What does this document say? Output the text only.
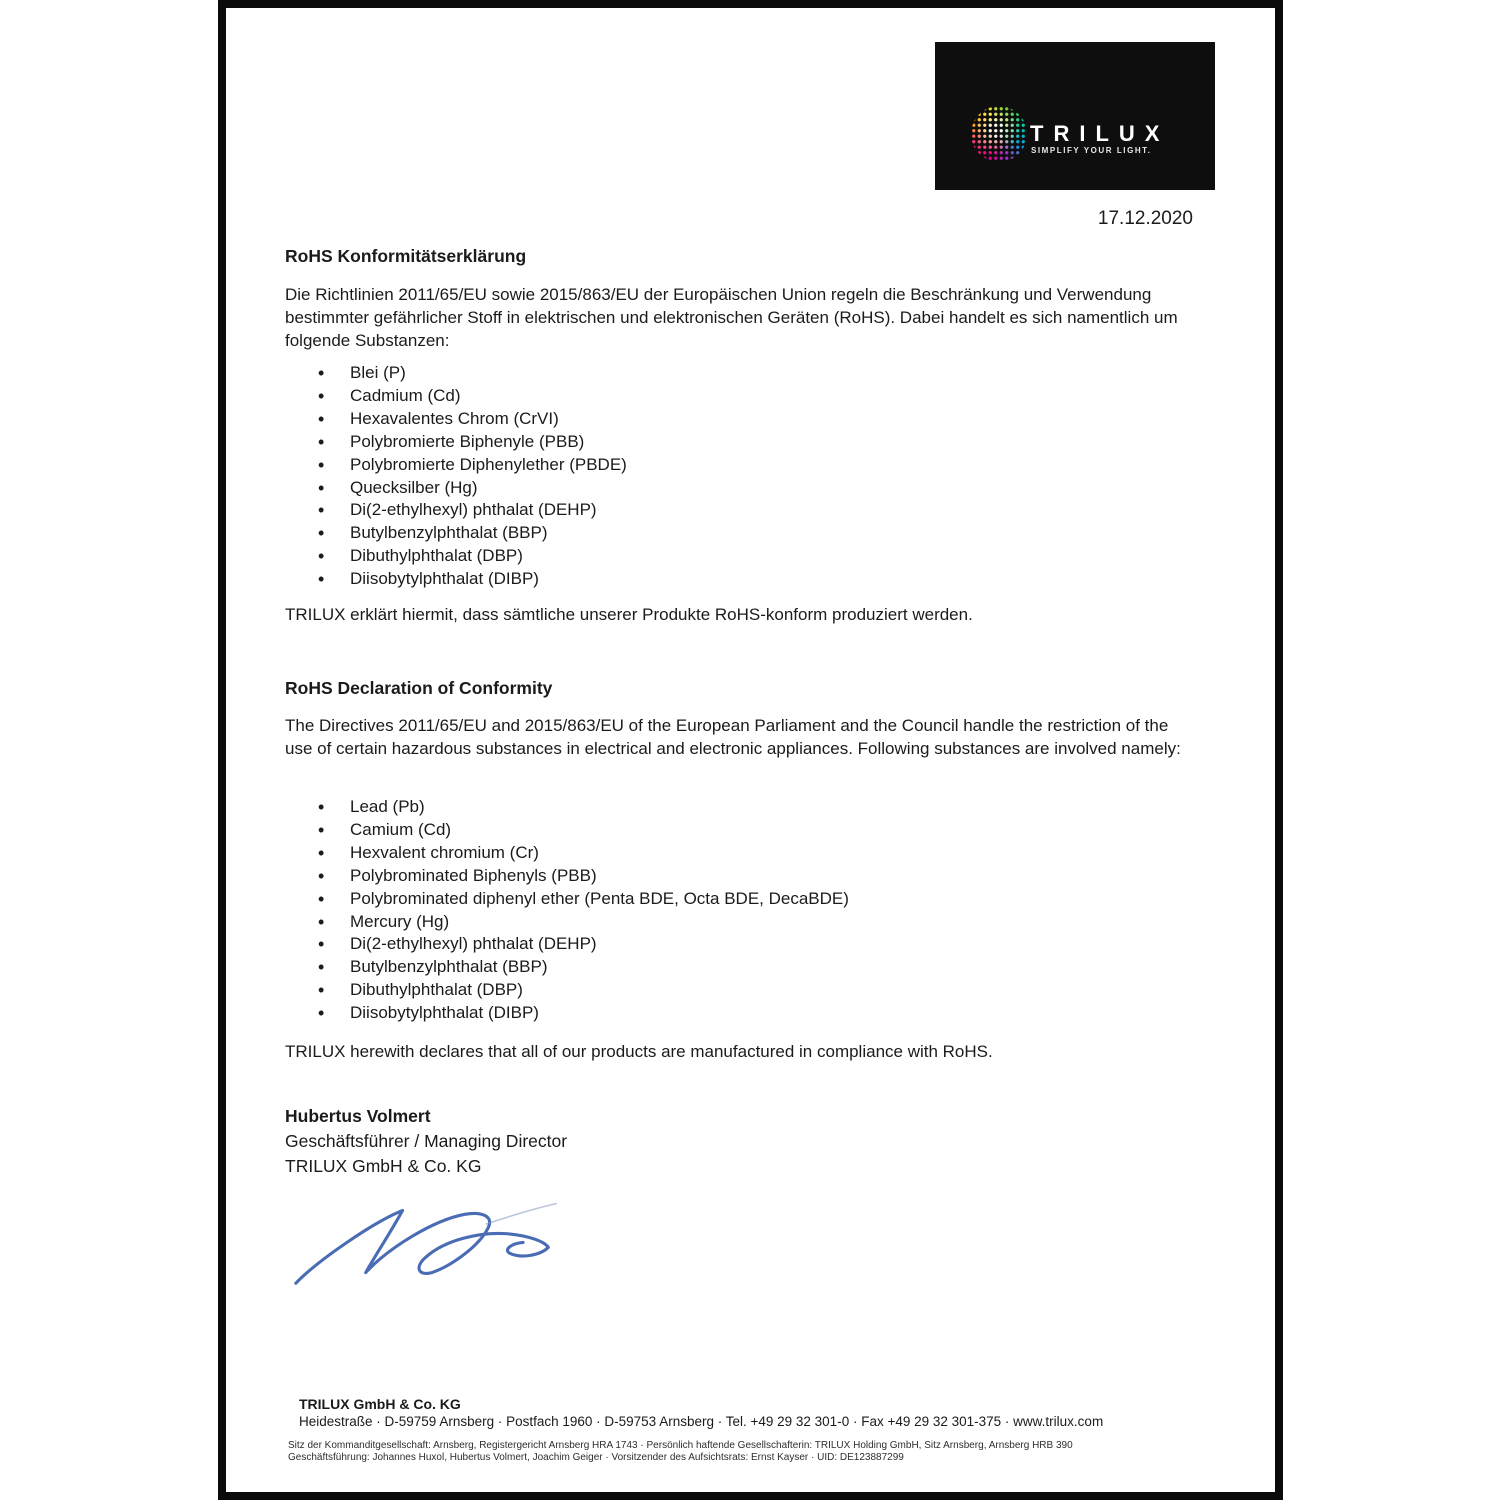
TRILUX
SIMPLIFY YOUR LIGHT.
17.12.2020
RoHS Konformitätserklärung

Die Richtlinien 2011/65/EU sowie 2015/863/EU der Europäischen Union regeln die Beschränkung und Verwendung bestimmter gefährlicher Stoff in elektrischen und elektronischen Geräten (RoHS). Dabei handelt es sich namentlich um folgende Substanzen:

• Blei (P)
• Cadmium (Cd)
• Hexavalentes Chrom (CrVI)
• Polybromierte Biphenyle (PBB)
• Polybromierte Diphenylether (PBDE)
• Quecksilber (Hg)
• Di(2-ethylhexyl) phthalat (DEHP)
• Butylbenzylphthalat (BBP)
• Dibuthylphthalat (DBP)
• Diisobytylphthalat (DIBP)

TRILUX erklärt hiermit, dass sämtliche unserer Produkte RoHS-konform produziert werden.

RoHS Declaration of Conformity

The Directives 2011/65/EU and 2015/863/EU of the European Parliament and the Council handle the restriction of the use of certain hazardous substances in electrical and electronic appliances. Following substances are involved namely:

• Lead (Pb)
• Camium (Cd)
• Hexvalent chromium (Cr)
• Polybrominated Biphenyls (PBB)
• Polybrominated diphenyl ether (Penta BDE, Octa BDE, DecaBDE)
• Mercury (Hg)
• Di(2-ethylhexyl) phthalat (DEHP)
• Butylbenzylphthalat (BBP)
• Dibuthylphthalat (DBP)
• Diisobytylphthalat (DIBP)

TRILUX herewith declares that all of our products are manufactured in compliance with RoHS.

Hubertus Volmert
Geschäftsführer / Managing Director
TRILUX GmbH & Co. KG
TRILUX GmbH & Co. KG
Heidestraße · D-59759 Arnsberg · Postfach 1960 · D-59753 Arnsberg · Tel. +49 29 32 301-0 · Fax +49 29 32 301-375 · www.trilux.com
Sitz der Kommanditgesellschaft: Arnsberg, Registergericht Arnsberg HRA 1743 · Persönlich haftende Gesellschafterin: TRILUX Holding GmbH, Sitz Arnsberg, Arnsberg HRB 390
Geschäftsführung: Johannes Huxol, Hubertus Volmert, Joachim Geiger · Vorsitzender des Aufsichtsrats: Ernst Kayser · UID: DE123887299
